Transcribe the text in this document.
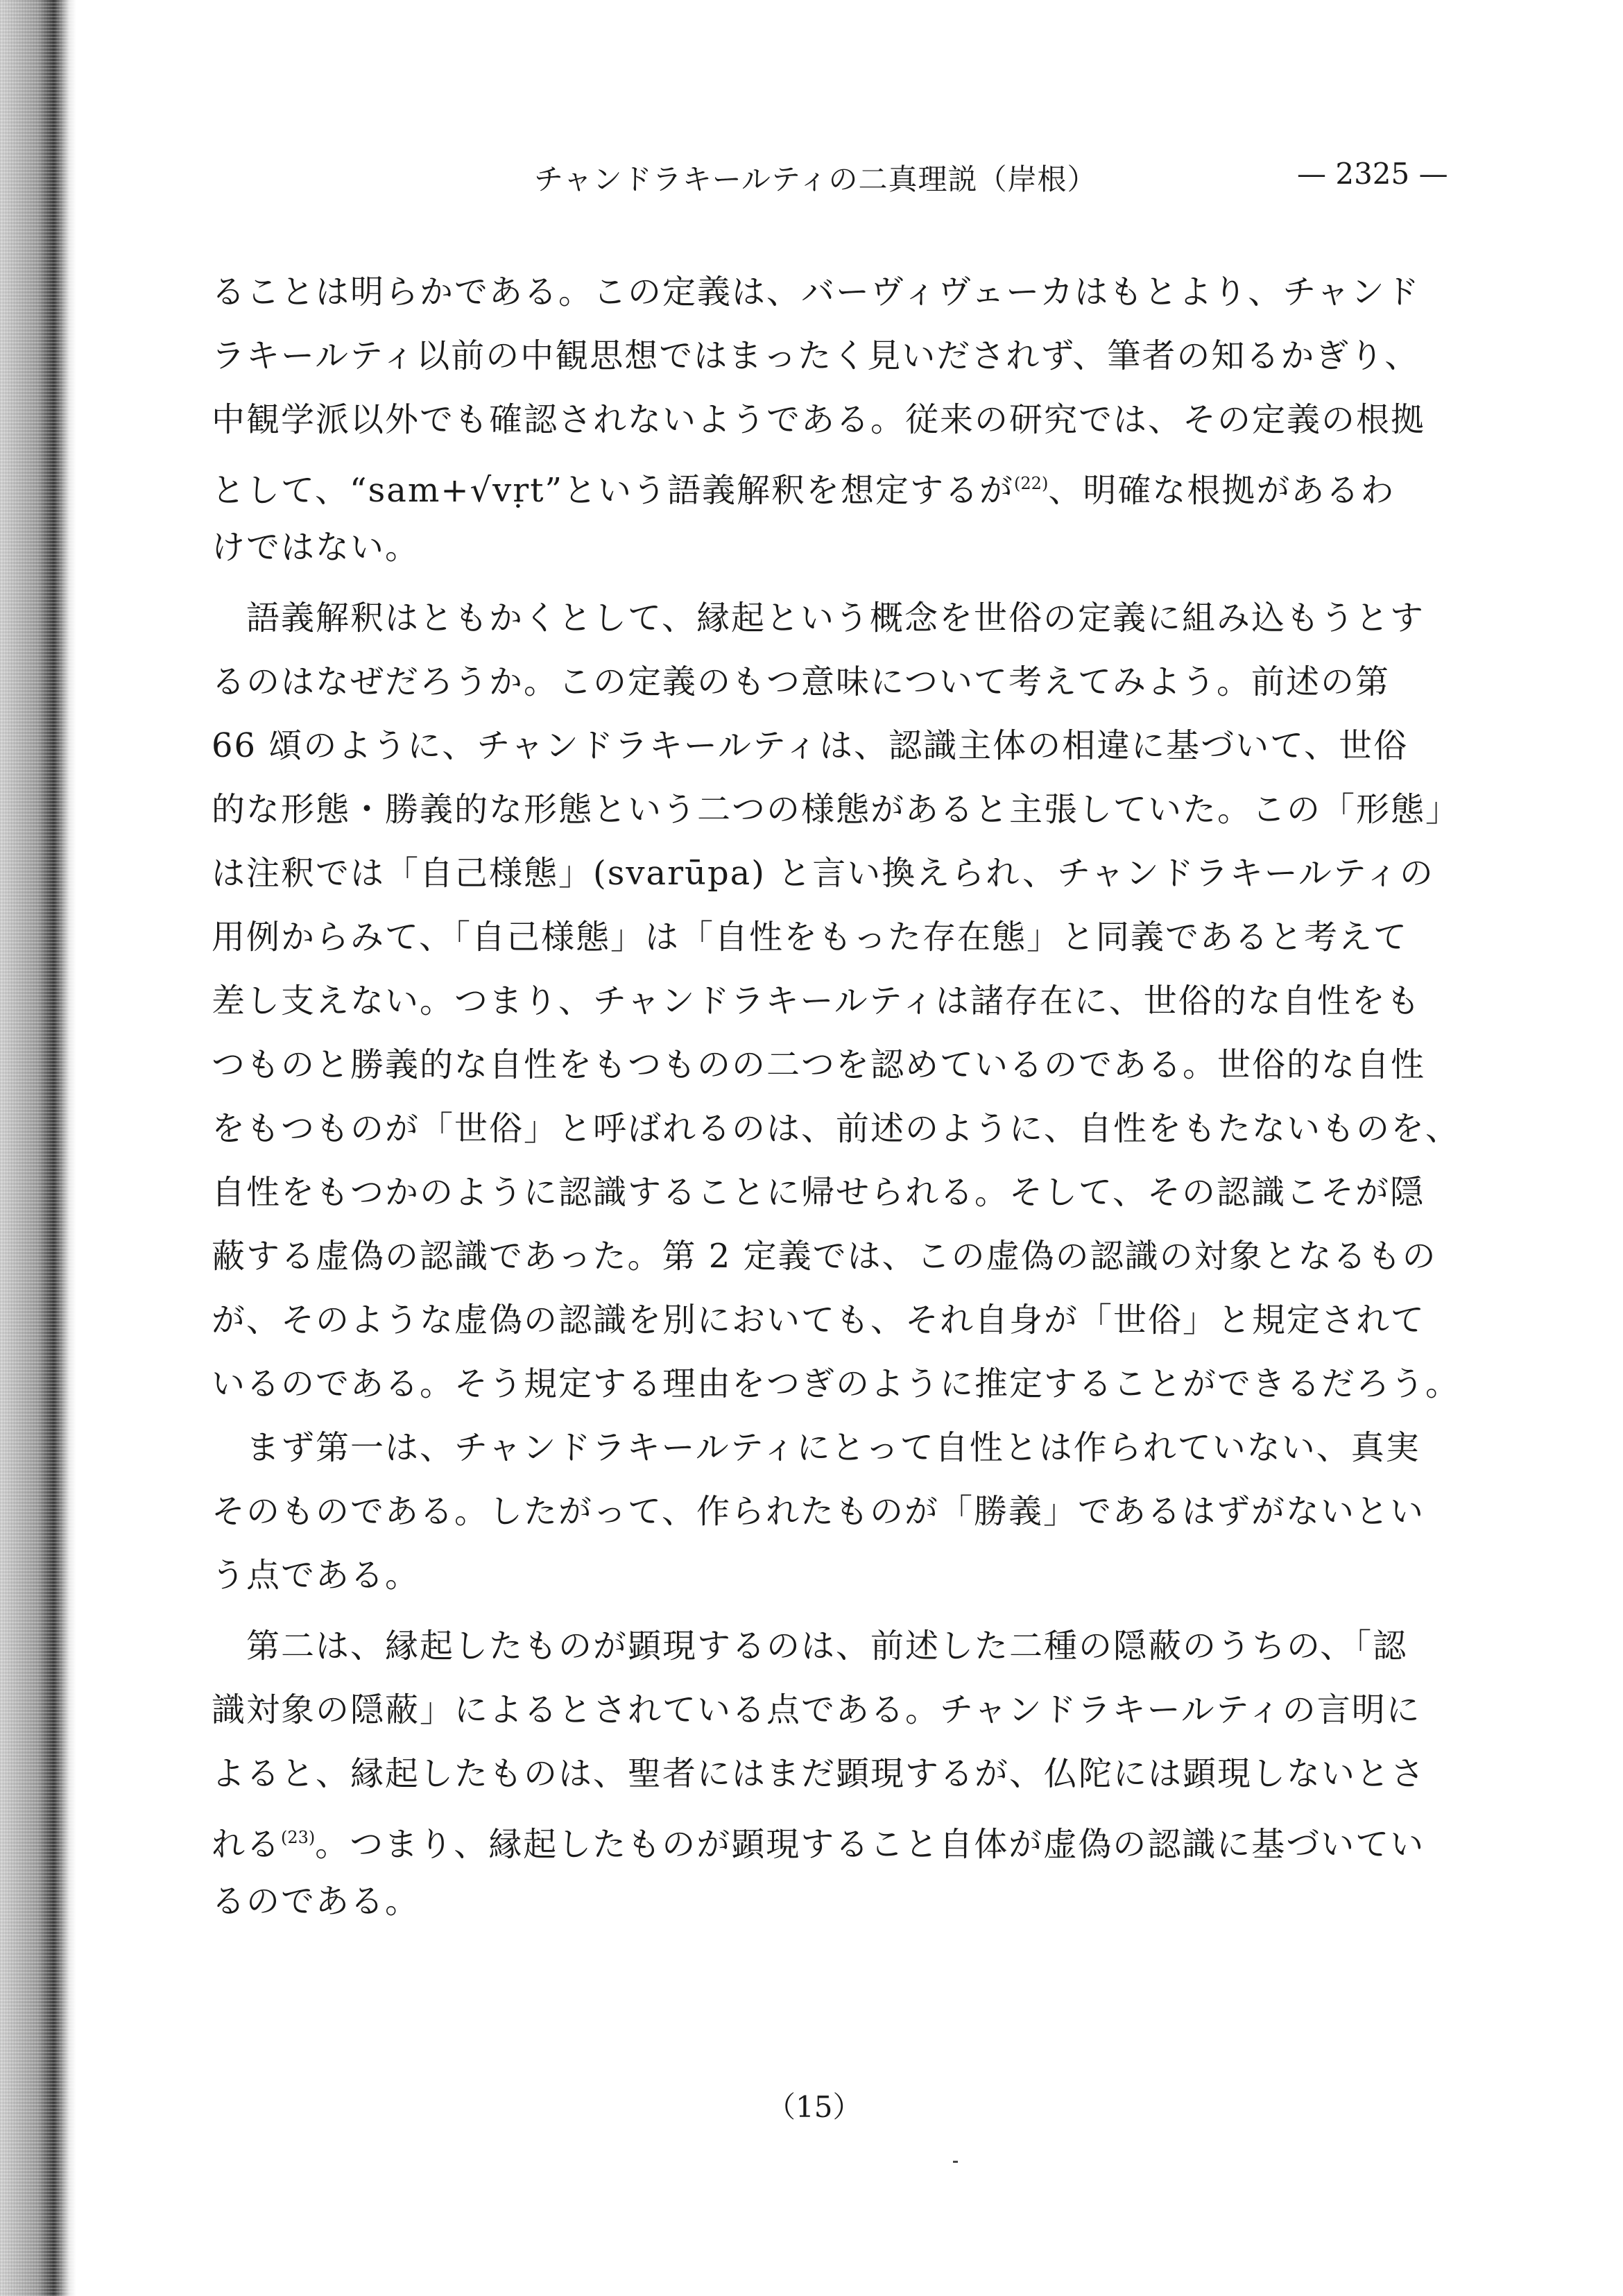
チャンドラキールティの二真理説（岸根）	— 2325 —
ることは明らかである。この定義は、バーヴィヴェーカはもとより、チャンド
ラキールティ以前の中観思想ではまったく見いだされず、筆者の知るかぎり、
中観学派以外でも確認されないようである。従来の研究では、その定義の根拠
として、“sam+√vṛt”という語義解釈を想定するが$^{(22)}$、明確な根拠があるわ
けではない。
　語義解釈はともかくとして、縁起という概念を世俗の定義に組み込もうとす
るのはなぜだろうか。この定義のもつ意味について考えてみよう。前述の第
66 頌のように、チャンドラキールティは、認識主体の相違に基づいて、世俗
的な形態・勝義的な形態という二つの様態があると主張していた。この「形態」
は注釈では「自己様態」(svarūpa) と言い換えられ、チャンドラキールティの
用例からみて、「自己様態」は「自性をもった存在態」と同義であると考えて
差し支えない。つまり、チャンドラキールティは諸存在に、世俗的な自性をも
つものと勝義的な自性をもつものの二つを認めているのである。世俗的な自性
をもつものが「世俗」と呼ばれるのは、前述のように、自性をもたないものを、
自性をもつかのように認識することに帰せられる。そして、その認識こそが隠
蔽する虚偽の認識であった。第 2 定義では、この虚偽の認識の対象となるもの
が、そのような虚偽の認識を別においても、それ自身が「世俗」と規定されて
いるのである。そう規定する理由をつぎのように推定することができるだろう。
　まず第一は、チャンドラキールティにとって自性とは作られていない、真実
そのものである。したがって、作られたものが「勝義」であるはずがないとい
う点である。
　第二は、縁起したものが顕現するのは、前述した二種の隠蔽のうちの、「認
識対象の隠蔽」によるとされている点である。チャンドラキールティの言明に
よると、縁起したものは、聖者にはまだ顕現するが、仏陀には顕現しないとさ
れる$^{(23)}$。つまり、縁起したものが顕現すること自体が虚偽の認識に基づいてい
るのである。
（15）
